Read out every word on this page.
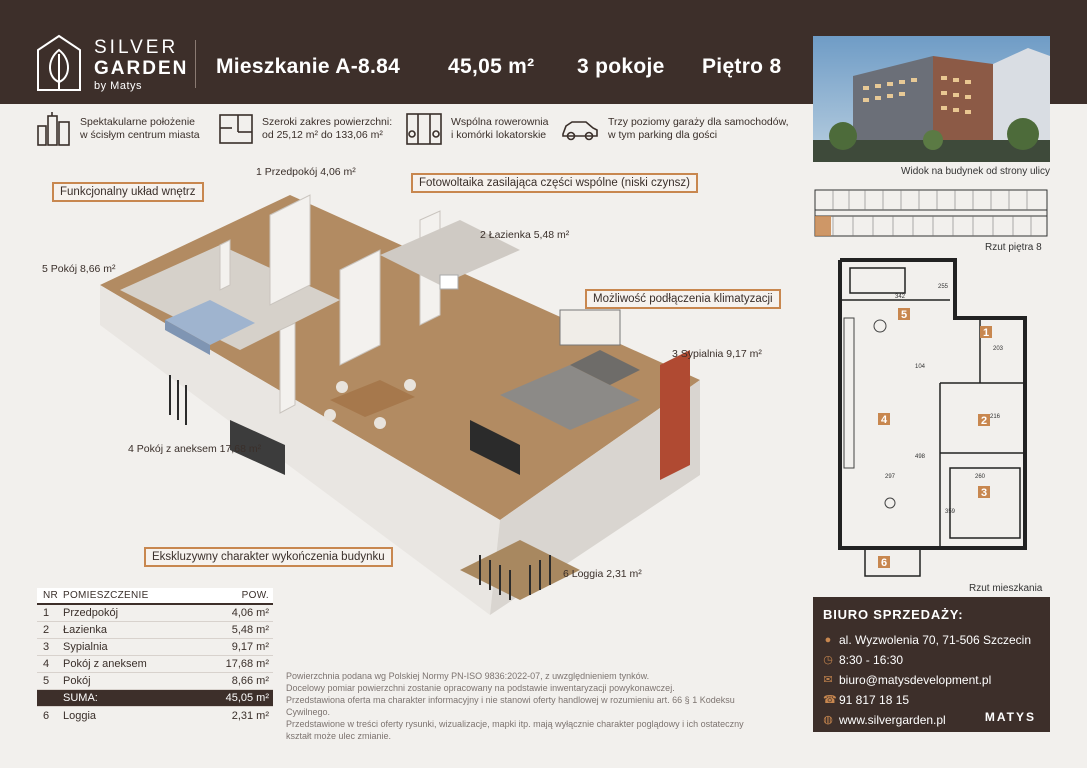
SILVER
GARDEN
by Matys
Mieszkanie A-8.84 45,05 m² 3 pokoje Piętro 8
Widok na budynek od strony ulicy
Spektakularne położenie
w ścisłym centrum miasta
Szeroki zakres powierzchni:
od 25,12 m² do 133,06 m²
Wspólna rowerownia
i komórki lokatorskie
Trzy poziomy garaży dla samochodów,
w tym parking dla gości
1 Przedpokój 4,06 m²
2 Łazienka 5,48 m²
3 Sypialnia 9,17 m²
4 Pokój z aneksem 17,68 m²
5 Pokój 8,66 m²
6 Loggia 2,31 m²
Funkcjonalny układ wnętrz
Fotowoltaika zasilająca części wspólne (niski czynsz)
Możliwość podłączenia klimatyzacji
Ekskluzywny charakter wykończenia budynku
NR POMIESZCZENIE	POW.
1	Przedpokój	4,06 m²
2	Łazienka	5,48 m²
3	Sypialnia	9,17 m²
4	Pokój z aneksem	17,68 m²
5	Pokój	8,66 m²
SUMA:	45,05 m²
6	Loggia	2,31 m²
Powierzchnia podana wg Polskiej Normy PN-ISO 9836:2022-07, z uwzględnieniem tynków.
Docelowy pomiar powierzchni zostanie opracowany na podstawie inwentaryzacji powykonawczej.
Przedstawiona oferta ma charakter informacyjny i nie stanowi oferty handlowej w rozumieniu art. 66 § 1 Kodeksu Cywilnego.
Przedstawione w treści oferty rysunki, wizualizacje, mapki itp. mają wyłącznie charakter poglądowy i ich ostateczny
kształt może ulec zmianie.
Rzut piętra 8
342
255
203
104
498
216
297	260
359
5
1
4	2
3
6
Rzut mieszkania
BIURO SPRZEDAŻY:
● al. Wyzwolenia 70, 71-506 Szczecin
◷ 8:30 - 16:30
✉ biuro@matysdevelopment.pl
☎ 91 817 18 15
◍ www.silvergarden.pl	MATYS
